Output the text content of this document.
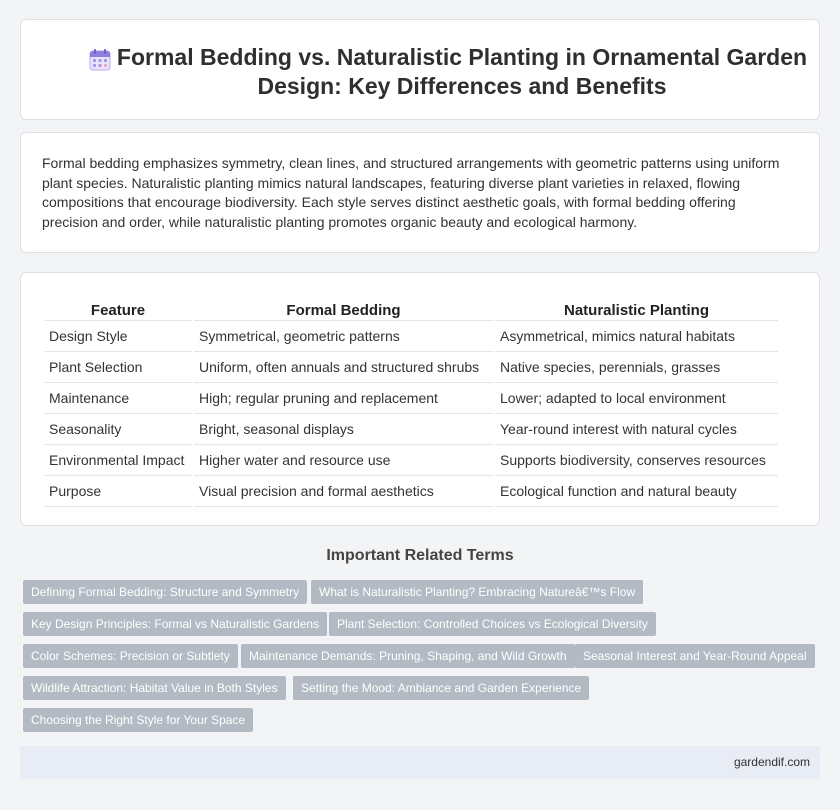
Formal Bedding vs. Naturalistic Planting in Ornamental Garden Design: Key Differences and Benefits

Formal bedding emphasizes symmetry, clean lines, and structured arrangements with geometric patterns using uniform plant species. Naturalistic planting mimics natural landscapes, featuring diverse plant varieties in relaxed, flowing compositions that encourage biodiversity. Each style serves distinct aesthetic goals, with formal bedding offering precision and order, while naturalistic planting promotes organic beauty and ecological harmony.

Feature	Formal Bedding	Naturalistic Planting
Design Style	Symmetrical, geometric patterns	Asymmetrical, mimics natural habitats
Plant Selection	Uniform, often annuals and structured shrubs	Native species, perennials, grasses
Maintenance	High; regular pruning and replacement	Lower; adapted to local environment
Seasonality	Bright, seasonal displays	Year-round interest with natural cycles
Environmental Impact	Higher water and resource use	Supports biodiversity, conserves resources
Purpose	Visual precision and formal aesthetics	Ecological function and natural beauty
Important Related Terms
Defining Formal Bedding: Structure and Symmetry	What is Naturalistic Planting? Embracing Natureâ€™s Flow
Key Design Principles: Formal vs Naturalistic Gardens	Plant Selection: Controlled Choices vs Ecological Diversity
Color Schemes: Precision or Subtlety	Maintenance Demands: Pruning, Shaping, and Wild Growth	Seasonal Interest and Year-Round Appeal
Wildlife Attraction: Habitat Value in Both Styles	Setting the Mood: Ambiance and Garden Experience
Choosing the Right Style for Your Space
gardendif.com
